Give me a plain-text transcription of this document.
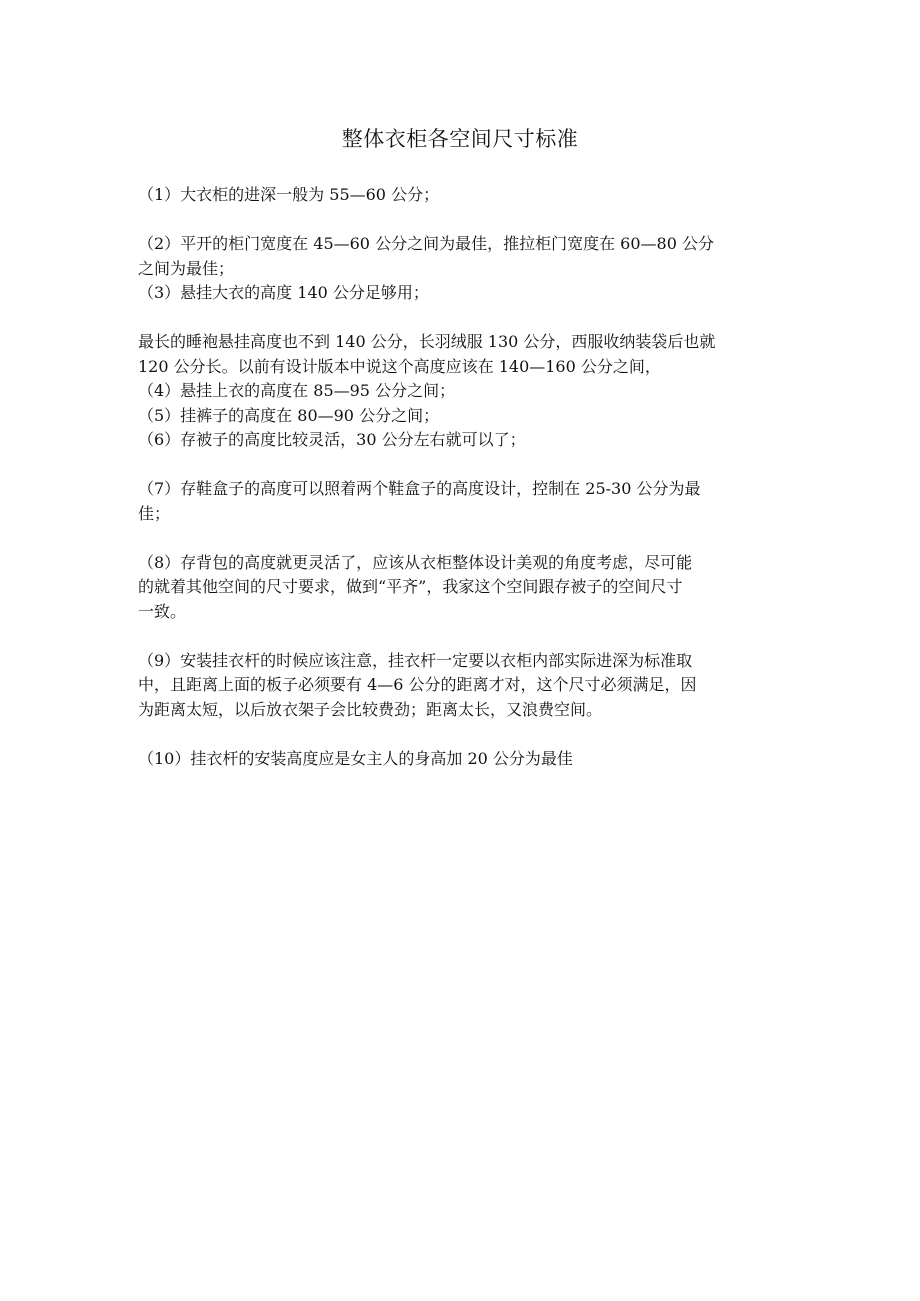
整体衣柜各空间尺寸标准
（1）大衣柜的进深一般为 55—60 公分；
（2）平开的柜门宽度在 45—60 公分之间为最佳，推拉柜门宽度在 60—80 公分
之间为最佳；
（3）悬挂大衣的高度 140 公分足够用；
最长的睡袍悬挂高度也不到 140 公分，长羽绒服 130 公分，西服收纳装袋后也就
120 公分长。以前有设计版本中说这个高度应该在 140—160 公分之间，
（4）悬挂上衣的高度在 85—95 公分之间；
（5）挂裤子的高度在 80—90 公分之间；
（6）存被子的高度比较灵活，30 公分左右就可以了；
（7）存鞋盒子的高度可以照着两个鞋盒子的高度设计，控制在 25-30 公分为最
佳；
（8）存背包的高度就更灵活了，应该从衣柜整体设计美观的角度考虑，尽可能
的就着其他空间的尺寸要求，做到“平齐”，我家这个空间跟存被子的空间尺寸
一致。
（9）安装挂衣杆的时候应该注意，挂衣杆一定要以衣柜内部实际进深为标准取
中，且距离上面的板子必须要有 4—6 公分的距离才对，这个尺寸必须满足，因
为距离太短，以后放衣架子会比较费劲；距离太长，又浪费空间。
（10）挂衣杆的安装高度应是女主人的身高加 20 公分为最佳
